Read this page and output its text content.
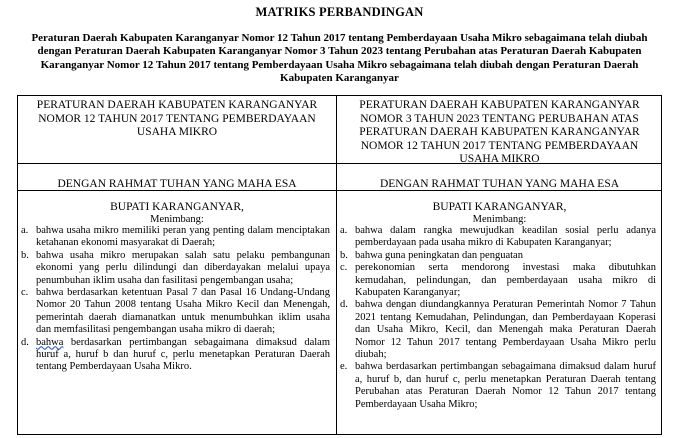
MATRIKS PERBANDINGAN
Peraturan Daerah Kabupaten Karanganyar Nomor 12 Tahun 2017 tentang Pemberdayaan Usaha Mikro sebagaimana telah diubah dengan Peraturan Daerah Kabupaten Karanganyar Nomor 3 Tahun 2023 tentang Perubahan atas Peraturan Daerah Kabupaten Karanganyar Nomor 12 Tahun 2017 tentang Pemberdayaan Usaha Mikro sebagaimana telah diubah dengan Peraturan Daerah Kabupaten Karanganyar
PERATURAN DAERAH KABUPATEN KARANGANYAR NOMOR 12 TAHUN 2017 TENTANG PEMBERDAYAAN USAHA MIKRO
DENGAN RAHMAT TUHAN YANG MAHA ESA
BUPATI KARANGANYAR,
Menimbang:
a. bahwa usaha mikro memiliki peran yang penting dalam menciptakan ketahanan ekonomi masyarakat di Daerah;
b. bahwa usaha mikro merupakan salah satu pelaku pembangunan ekonomi yang perlu dilindungi dan diberdayakan melalui upaya penumbuhan iklim usaha dan fasilitasi pengembangan usaha;
c. bahwa berdasarkan ketentuan Pasal 7 dan Pasal 16 Undang-Undang Nomor 20 Tahun 2008 tentang Usaha Mikro Kecil dan Menengah, pemerintah daerah diamanatkan untuk menumbuhkan iklim usaha dan memfasilitasi pengembangan usaha mikro di daerah;
d. bahwa berdasarkan pertimbangan sebagaimana dimaksud dalam huruf a, huruf b dan huruf c, perlu menetapkan Peraturan Daerah tentang Pemberdayaan Usaha Mikro.
PERATURAN DAERAH KABUPATEN KARANGANYAR NOMOR 3 TAHUN 2023 TENTANG PERUBAHAN ATAS PERATURAN DAERAH KABUPATEN KARANGANYAR NOMOR 12 TAHUN 2017 TENTANG PEMBERDAYAAN USAHA MIKRO
DENGAN RAHMAT TUHAN YANG MAHA ESA
BUPATI KARANGANYAR,
Menimbang:
a. bahwa dalam rangka mewujudkan keadilan sosial perlu adanya pemberdayaan pada usaha mikro di Kabupaten Karanganyar;
b. bahwa guna peningkatan dan penguatan
c. perekonomian serta mendorong investasi maka dibutuhkan kemudahan, pelindungan, dan pemberdayaan usaha mikro di Kabupaten Karanganyar;
d. bahwa dengan diundangkannya Peraturan Pemerintah Nomor 7 Tahun 2021 tentang Kemudahan, Pelindungan, dan Pemberdayaan Koperasi dan Usaha Mikro, Kecil, dan Menengah maka Peraturan Daerah Nomor 12 Tahun 2017 tentang Pemberdayaan Usaha Mikro perlu diubah;
e. bahwa berdasarkan pertimbangan sebagaimana dimaksud dalam huruf a, huruf b, dan huruf c, perlu menetapkan Peraturan Daerah tentang Perubahan atas Peraturan Daerah Nomor 12 Tahun 2017 tentang Pemberdayaan Usaha Mikro;
